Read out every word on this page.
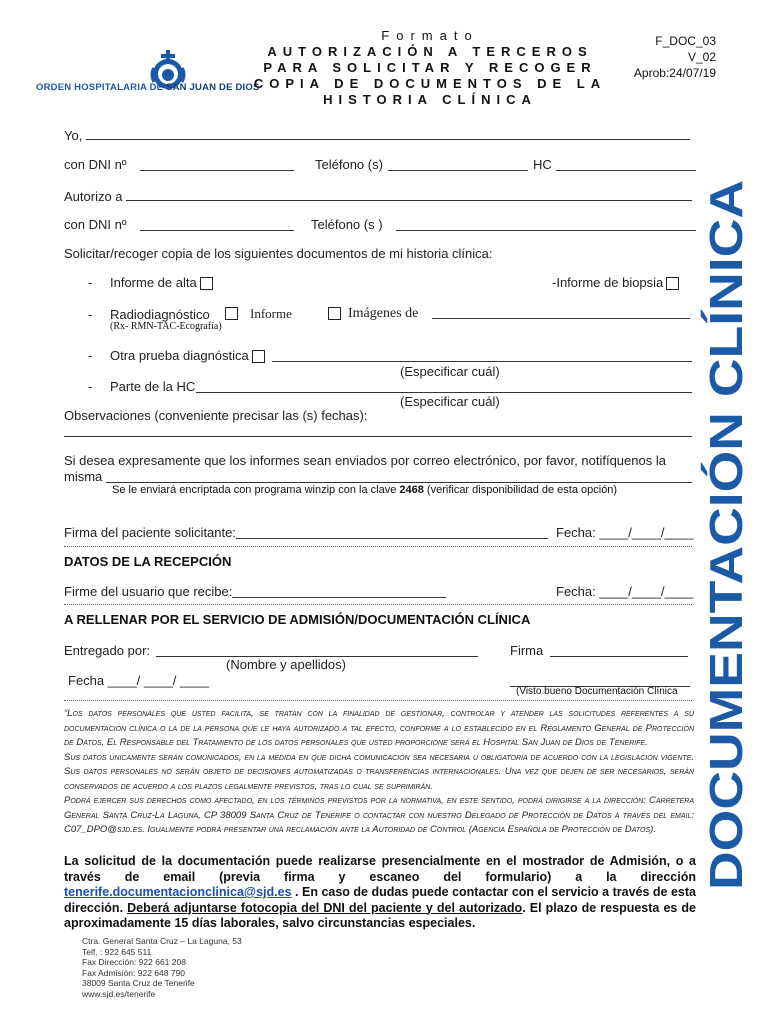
ORDEN HOSPITALARIA DE SAN JUAN DE DIOS
Formato
AUTORIZACIÓN A TERCEROS
PARA SOLICITAR Y RECOGER
COPIA DE DOCUMENTOS DE LA
HISTORIA CLÍNICA
F_DOC_03
V_02
Aprob:24/07/19
DOCUMENTACIÓN CLÍNICA
Yo,
con DNI nº	Teléfono (s)	HC
Autorizo a
con DNI nº	Teléfono (s )
Solicitar/recoger copia de los siguientes documentos de mi historia clínica:
- Informe de alta	-Informe de biopsia
- Radiodiagnóstico	Informe	Imágenes de
(Rx- RMN-TAC-Ecografía)
- Otra prueba diagnóstica
(Especificar cuál)
- Parte de la HC
(Especificar cuál)
Observaciones (conveniente precisar las (s) fechas):
Si desea expresamente que los informes sean enviados por correo electrónico, por favor, notifíquenos la
misma
Se le enviará encriptada con programa winzip con la clave 2468 (verificar disponibilidad de esta opción)
Firma del paciente solicitante:	Fecha: ____/____/____
DATOS DE LA RECEPCIÓN
Firme del usuario que recibe:	Fecha: ____/____/____
A RELLENAR POR EL SERVICIO DE ADMISIÓN/DOCUMENTACIÓN CLÍNICA
Entregado por:	Firma
(Nombre y apellidos)
Fecha ____/ ____/ ____
(Visto bueno Documentación Clínica

“Los datos personales que usted facilita, se tratan con la finalidad de gestionar, controlar y atender las solicitudes referentes a su documentación clínica o la de la persona que le haya autorizado a tal efecto, conforme a lo establecido en el Reglamento General de Protección de Datos. El Responsable del Tratamiento de los datos personales que usted proporcione será el Hospital San Juan de Dios de Tenerife.

Sus datos únicamente serán comunicados, en la medida en que dicha comunicación sea necesaria u obligatoria de acuerdo con la legislación vigente. Sus datos personales no serán objeto de decisiones automatizadas o transferencias internacionales. Una vez que dejen de ser necesarios, serán conservados de acuerdo a los plazos legalmente previstos, tras lo cual se suprimirán.

Podrá ejercer sus derechos como afectado, en los términos previstos por la normativa, en este sentido, podrá dirigirse a la dirección: Carretera General Santa Cruz-La Laguna, CP 38009 Santa Cruz de Tenerife o contactar con nuestro Delegado de Protección de Datos a través del email: C07_DPO@sjd.es. Igualmente podrá presentar una reclamación ante la Autoridad de Control (Agencia Española de Protección de Datos).

La solicitud de la documentación puede realizarse presencialmente en el mostrador de Admisión, o a través de email (previa firma y escaneo del formulario) a la dirección tenerife.documentacionclinica@sjd.es . En caso de dudas puede contactar con el servicio a través de esta dirección. Deberá adjuntarse fotocopia del DNI del paciente y del autorizado. El plazo de respuesta es de aproximadamente 15 días laborales, salvo circunstancias especiales.
Ctra. General Santa Cruz – La Laguna, 53
Telf. : 922 645 511
Fax Dirección: 922 661 208
Fax Admisión: 922 648 790
38009 Santa Cruz de Tenerife
www.sjd.es/tenerife
